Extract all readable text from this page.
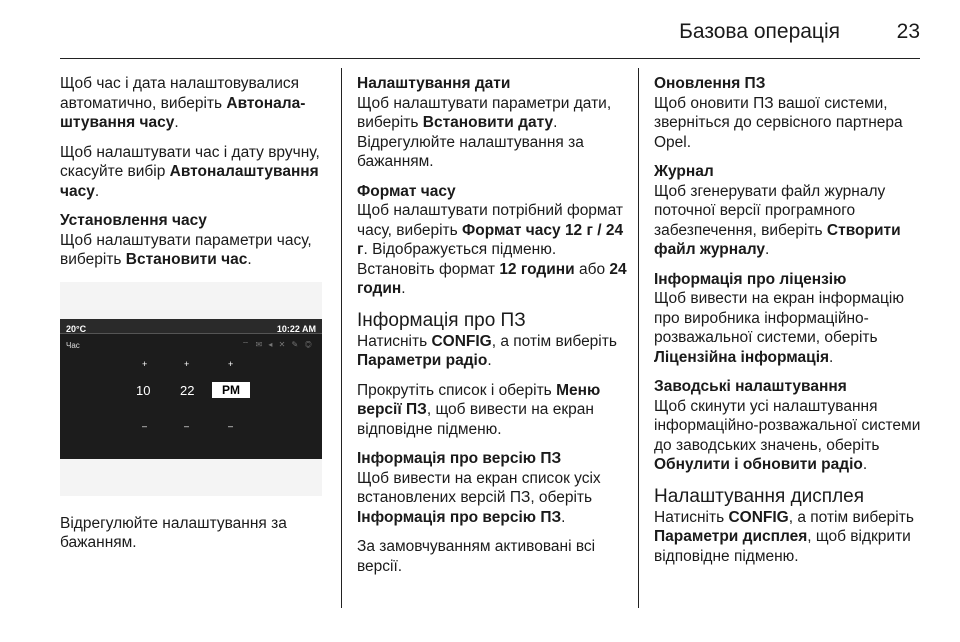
Базова операція	23

Щоб час і дата налаштовувалися автоматично, виберіть Автоналаштування часу.

Щоб налаштувати час і дату вручну, скасуйте вибір Автоналаштування часу.

Установлення часу
Щоб налаштувати параметри часу, виберіть Встановити час.

20°C	10:22 AM
Час	⌔ ✉ ◂ ✕ ✎ ◎
+	+	+
10 22	PM
–	–	–

Відрегулюйте налаштування за бажанням.

Налаштування дати
Щоб налаштувати параметри дати, виберіть Встановити дату. Відрегулюйте налаштування за бажанням.

Формат часу
Щоб налаштувати потрібний формат часу, виберіть Формат часу 12 г / 24 г. Відображується підменю. Встановіть формат 12 години або 24 годин.

Інформація про ПЗ
Натисніть CONFIG, а потім виберіть Параметри радіо.

Прокрутіть список і оберіть Меню версії ПЗ, щоб вивести на екран відповідне підменю.

Інформація про версію ПЗ
Щоб вивести на екран список усіх встановлених версій ПЗ, оберіть Інформація про версію ПЗ.

За замовчуванням активовані всі версії.

Оновлення ПЗ
Щоб оновити ПЗ вашої системи, зверніться до сервісного партнера Opel.

Журнал
Щоб згенерувати файл журналу поточної версії програмного забезпечення, виберіть Створити файл журналу.

Інформація про ліцензію
Щоб вивести на екран інформацію про виробника інформаційно-розважальної системи, оберіть Ліцензійна інформація.

Заводські налаштування
Щоб скинути усі налаштування інформаційно-розважальної системи до заводських значень, оберіть Обнулити і обновити радіо.

Налаштування дисплея
Натисніть CONFIG, а потім виберіть Параметри дисплея, щоб відкрити відповідне підменю.
